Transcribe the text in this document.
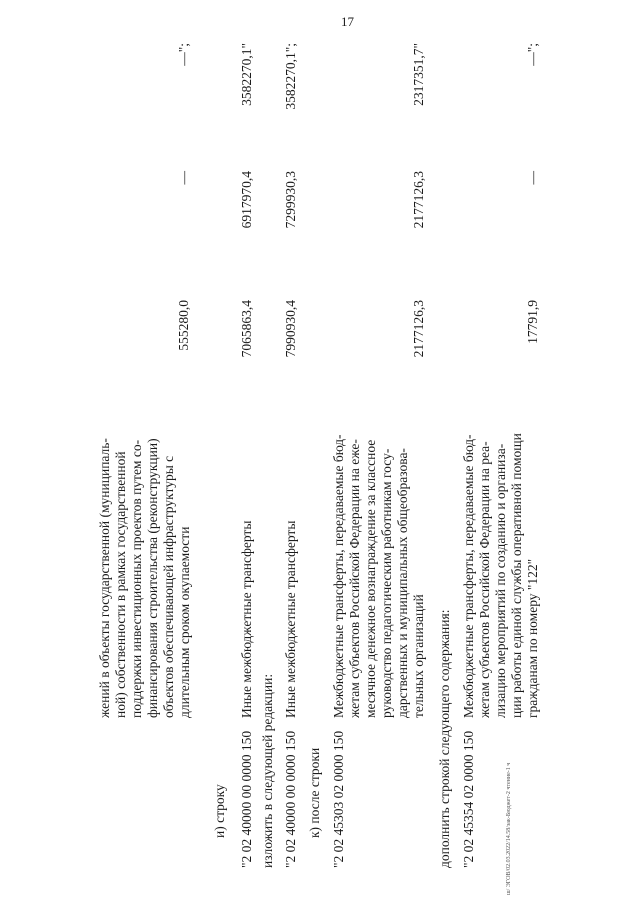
17
ш/ ЭГОВ/02.03.2022/14.58/зак-Бюджет-2 чтение-1 ч
жений в объекты государственной (муниципаль- ной) собственности в рамках государственной поддержки инвестиционных проектов путем со- финансирования строительства (реконструкции) объектов обеспечивающей инфраструктуры с длительным сроком окупаемости
555280,0
—
—";
и) строку "2 02 40000 00 0000 150
Иные межбюджетные трансферты
7065863,4
6917970,4
3582270,1"
изложить в следующей редакции: "2 02 40000 00 0000 150
Иные межбюджетные трансферты
7990930,4
7299930,3
3582270,1";
к) после строки "2 02 45303 02 0000 150
Межбюджетные трансферты, передаваемые бюд- жетам субъектов Российской Федерации на еже- месячное денежное вознаграждение за классное руководство педагогическим работникам госу- дарственных и муниципальных общеобразова- тельных организаций
2177126,3
2177126,3
2317351,7"
дополнить строкой следующего содержания: "2 02 45354 02 0000 150
Межбюджетные трансферты, передаваемые бюд- жетам субъектов Российской Федерации на реа- лизацию мероприятий по созданию и организа- ции работы единой службы оперативной помощи гражданам по номеру "122"
17791,9
—
—";
